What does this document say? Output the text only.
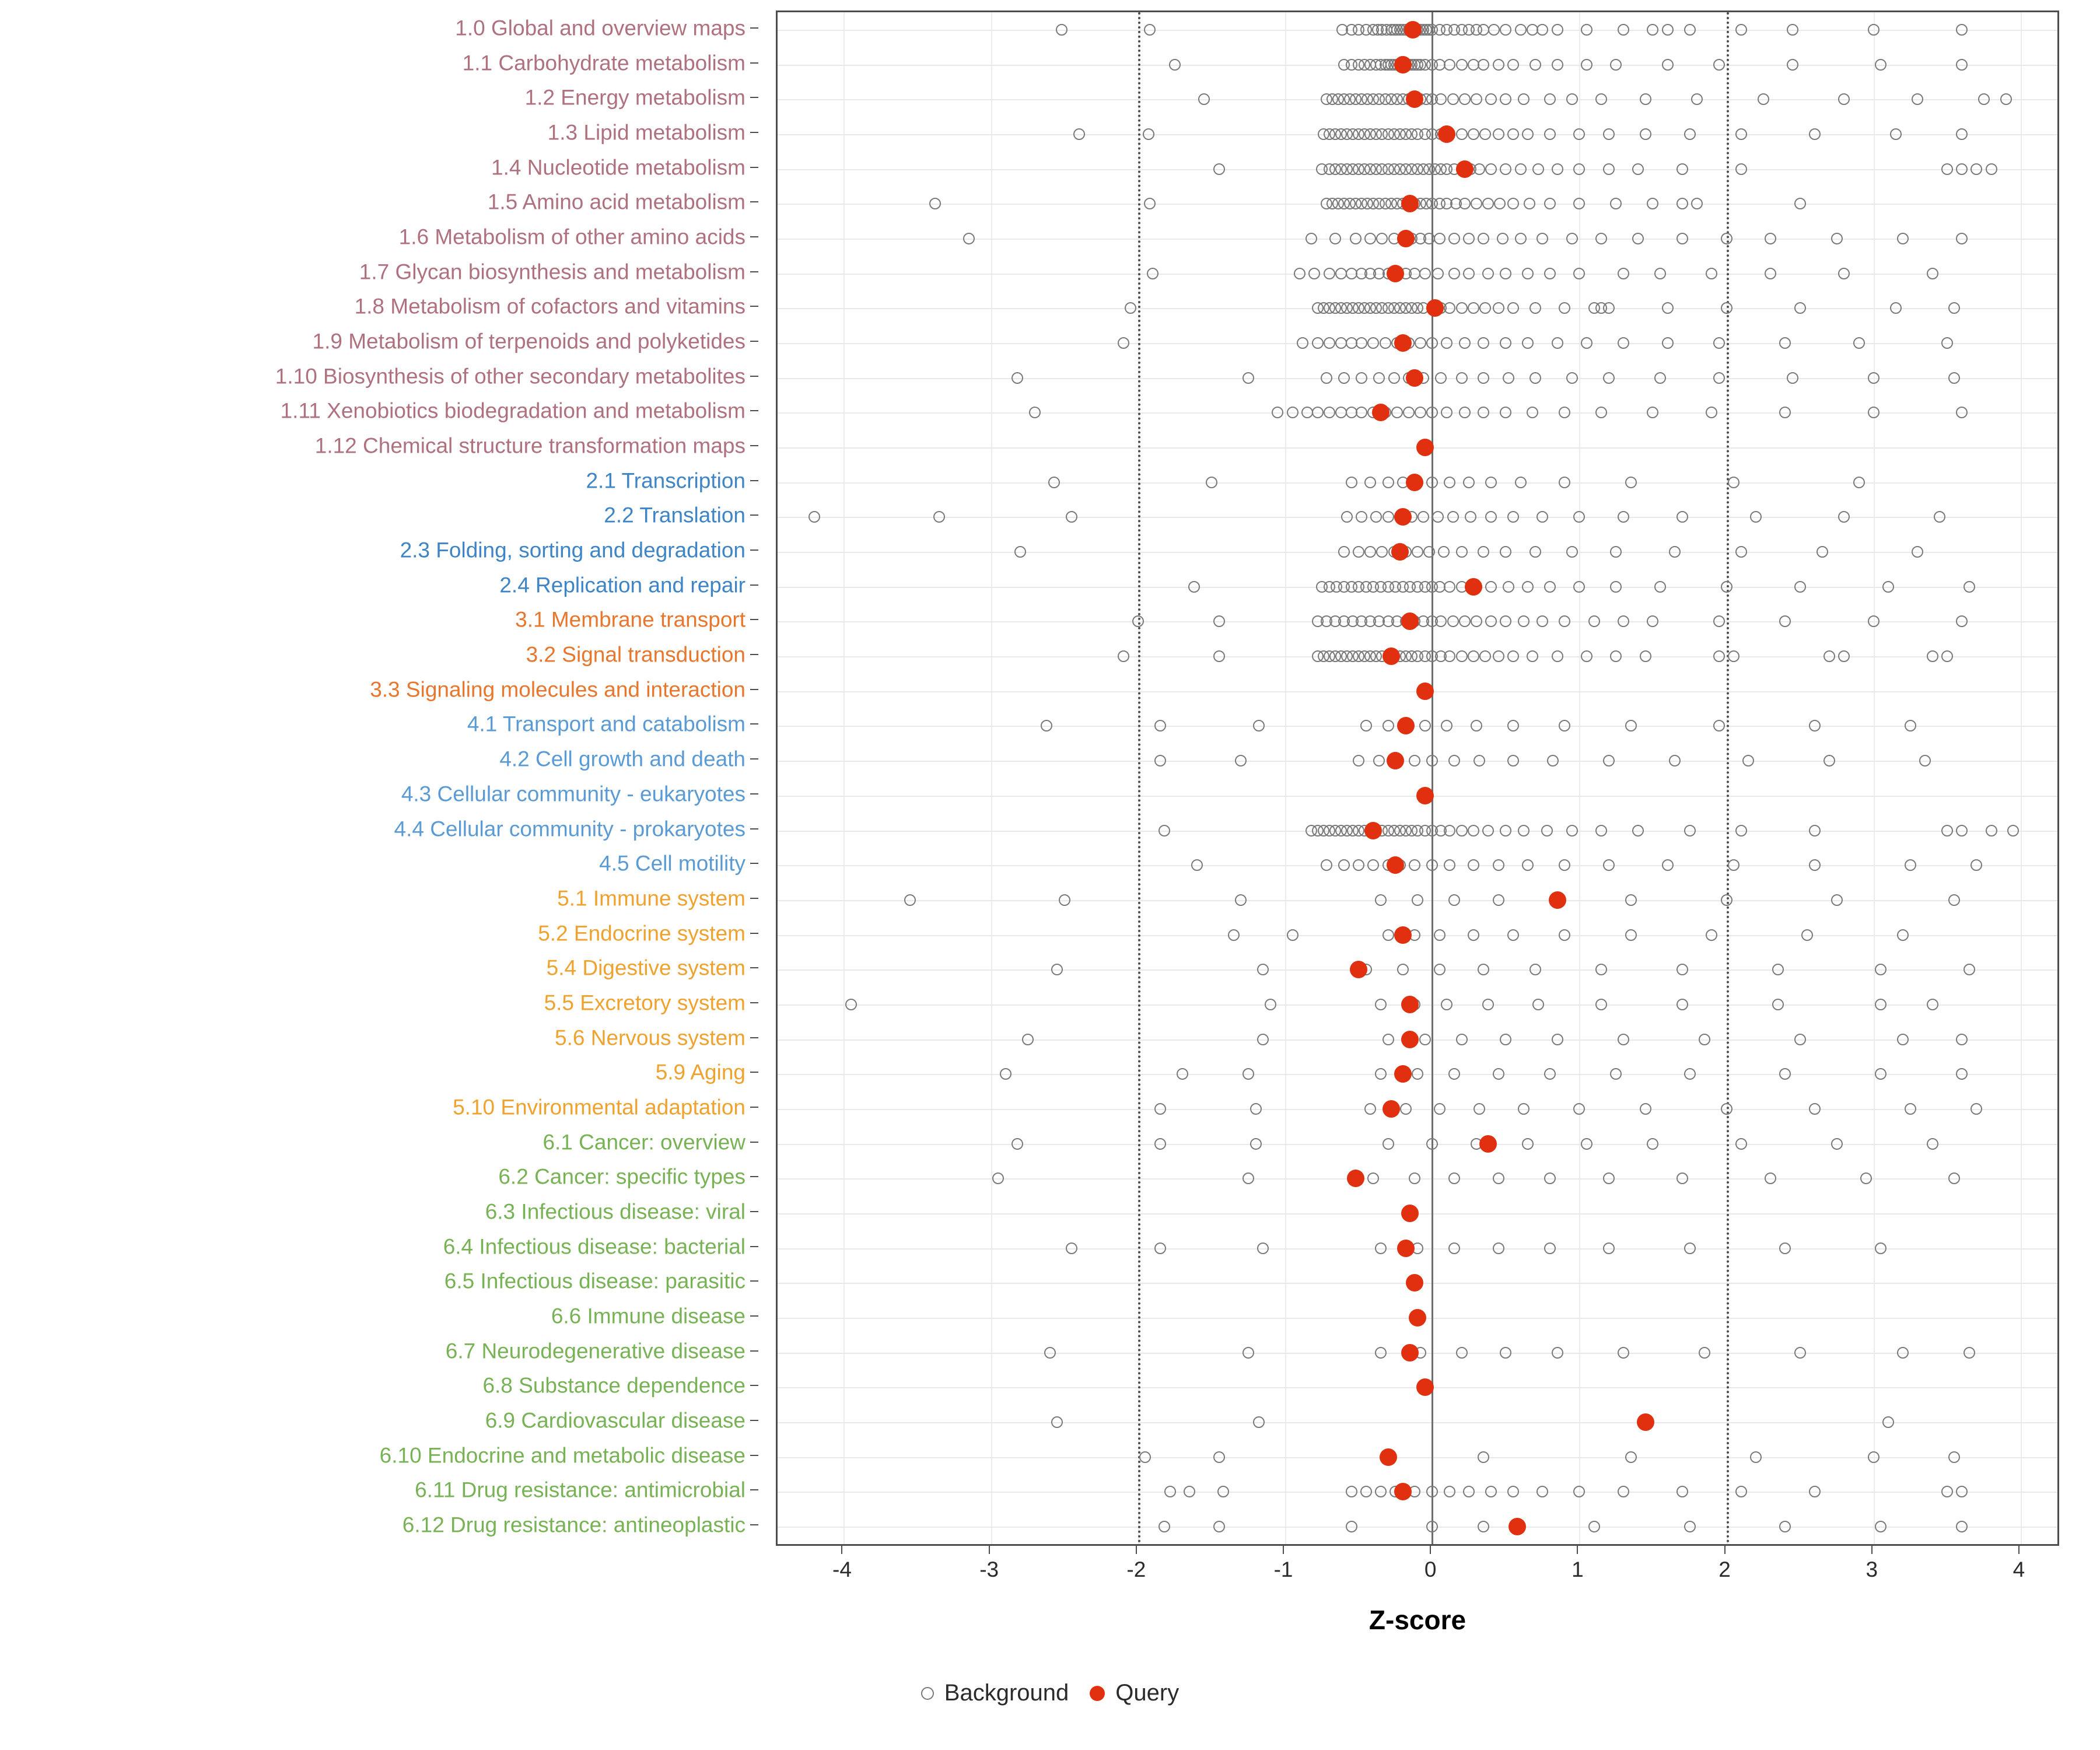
1.0 Global and overview maps
1.1 Carbohydrate metabolism
1.2 Energy metabolism
1.3 Lipid metabolism
1.4 Nucleotide metabolism
1.5 Amino acid metabolism
1.6 Metabolism of other amino acids
1.7 Glycan biosynthesis and metabolism
1.8 Metabolism of cofactors and vitamins
1.9 Metabolism of terpenoids and polyketides
1.10 Biosynthesis of other secondary metabolites
1.11 Xenobiotics biodegradation and metabolism
1.12 Chemical structure transformation maps
2.1 Transcription
2.2 Translation
2.3 Folding, sorting and degradation
2.4 Replication and repair
3.1 Membrane transport
3.2 Signal transduction
3.3 Signaling molecules and interaction
4.1 Transport and catabolism
4.2 Cell growth and death
4.3 Cellular community - eukaryotes
4.4 Cellular community - prokaryotes
4.5 Cell motility
5.1 Immune system
5.2 Endocrine system
5.4 Digestive system
5.5 Excretory system
5.6 Nervous system
5.9 Aging
5.10 Environmental adaptation
6.1 Cancer: overview
6.2 Cancer: specific types
6.3 Infectious disease: viral
6.4 Infectious disease: bacterial
6.5 Infectious disease: parasitic
6.6 Immune disease
6.7 Neurodegenerative disease
6.8 Substance dependence
6.9 Cardiovascular disease
6.10 Endocrine and metabolic disease
6.11 Drug resistance: antimicrobial
6.12 Drug resistance: antineoplastic
-4	-3	-2	-1	0	1	2	3	4
Z-score
Background Query
